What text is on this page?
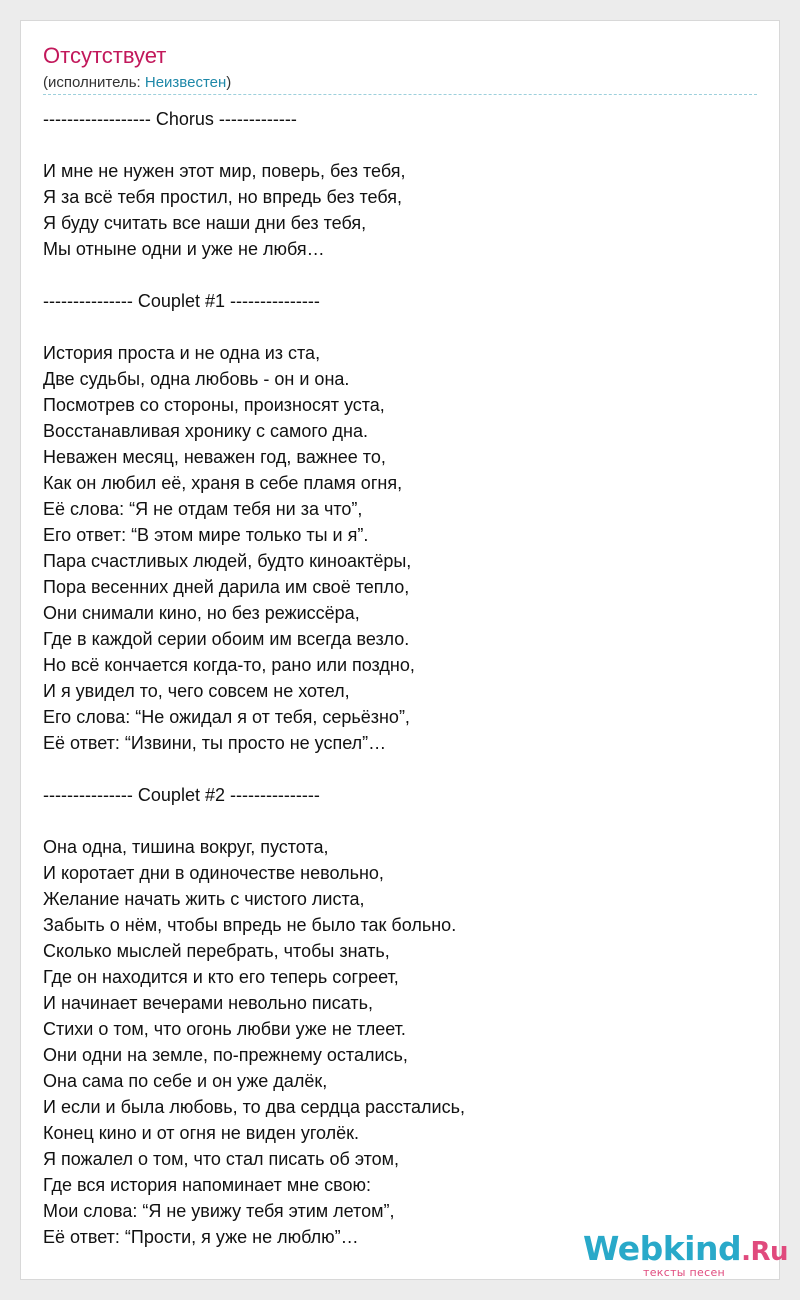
Отсутствует
(исполнитель: Неизвестен)
------------------ Chorus -------------
И мне не нужен этот мир, поверь, без тебя,
Я за всё тебя простил, но впредь без тебя,
Я буду считать все наши дни без тебя,
Мы отныне одни и уже не любя…
--------------- Couplet #1 ---------------
История проста и не одна из ста,
Две судьбы, одна любовь - он и она.
Посмотрев со стороны, произносят уста,
Восстанавливая хронику с самого дна.
Неважен месяц, неважен год, важнее то,
Как он любил её, храня в себе пламя огня,
Её слова: “Я не отдам тебя ни за что”,
Его ответ: “В этом мире только ты и я”.
Пара счастливых людей, будто киноактёры,
Пора весенних дней дарила им своё тепло,
Они снимали кино, но без режиссёра,
Где в каждой серии обоим им всегда везло.
Но всё кончается когда-то, рано или поздно,
И я увидел то, чего совсем не хотел,
Его слова: “Не ожидал я от тебя, серьёзно”,
Её ответ: “Извини, ты просто не успел”…
--------------- Couplet #2 ---------------
Она одна, тишина вокруг, пустота,
И коротает дни в одиночестве невольно,
Желание начать жить с чистого листа,
Забыть о нём, чтобы впредь не было так больно.
Сколько мыслей перебрать, чтобы знать,
Где он находится и кто его теперь согреет,
И начинает вечерами невольно писать,
Стихи о том, что огонь любви уже не тлеет.
Они одни на земле, по-прежнему остались,
Она сама по себе и он уже далёк,
И если и была любовь, то два сердца расстались,
Конец кино и от огня не виден уголёк.
Я пожалел о том, что стал писать об этом,
Где вся история напоминает мне свою:
Мои слова: “Я не увижу тебя этим летом”,
Её ответ: “Прости, я уже не люблю”…	Webkind.Ru
тексты песен
